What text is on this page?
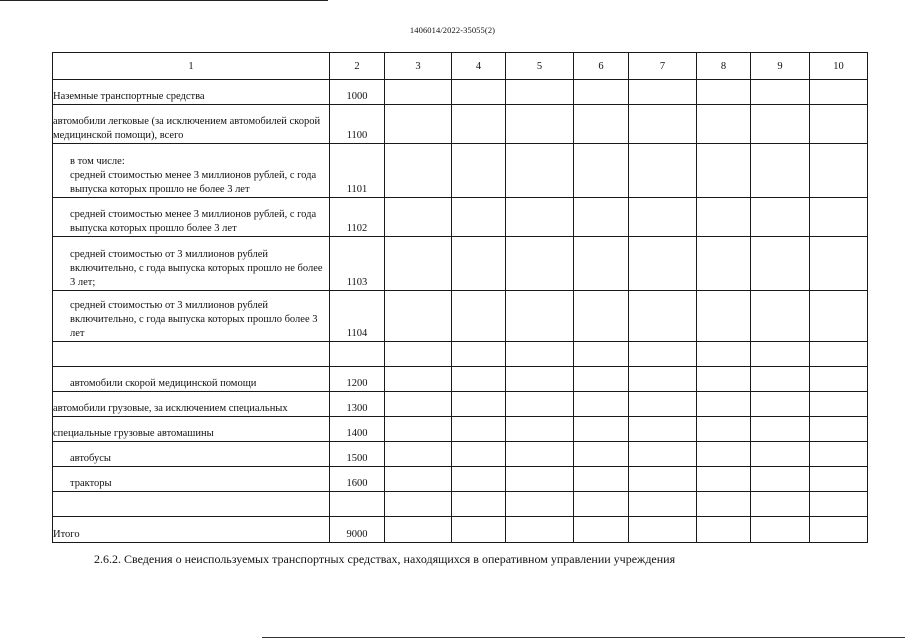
1406014/2022-35055(2)
1	2	3	4	5	6	7	8	9	10
Наземные транспортные средства	1000								
автомобили легковые (за исключением автомобилей скорой медицинской помощи), всего	1100								
в том числе:
средней стоимостью менее 3 миллионов рублей, с года выпуска которых прошло не более 3 лет	1101								
средней стоимостью менее 3 миллионов рублей, с года выпуска которых прошло более 3 лет	1102								
средней стоимостью от 3 миллионов рублей включительно, с года выпуска которых прошло не более 3 лет;	1103								
средней стоимостью от 3 миллионов рублей включительно, с года выпуска которых прошло более 3 лет	1104								

автомобили скорой медицинской помощи	1200								
автомобили грузовые, за исключением специальных	1300								
специальные грузовые автомашины	1400								
автобусы	1500								
тракторы	1600								

Итого	9000								
2.6.2. Сведения о неиспользуемых транспортных средствах, находящихся в оперативном управлении учреждения
